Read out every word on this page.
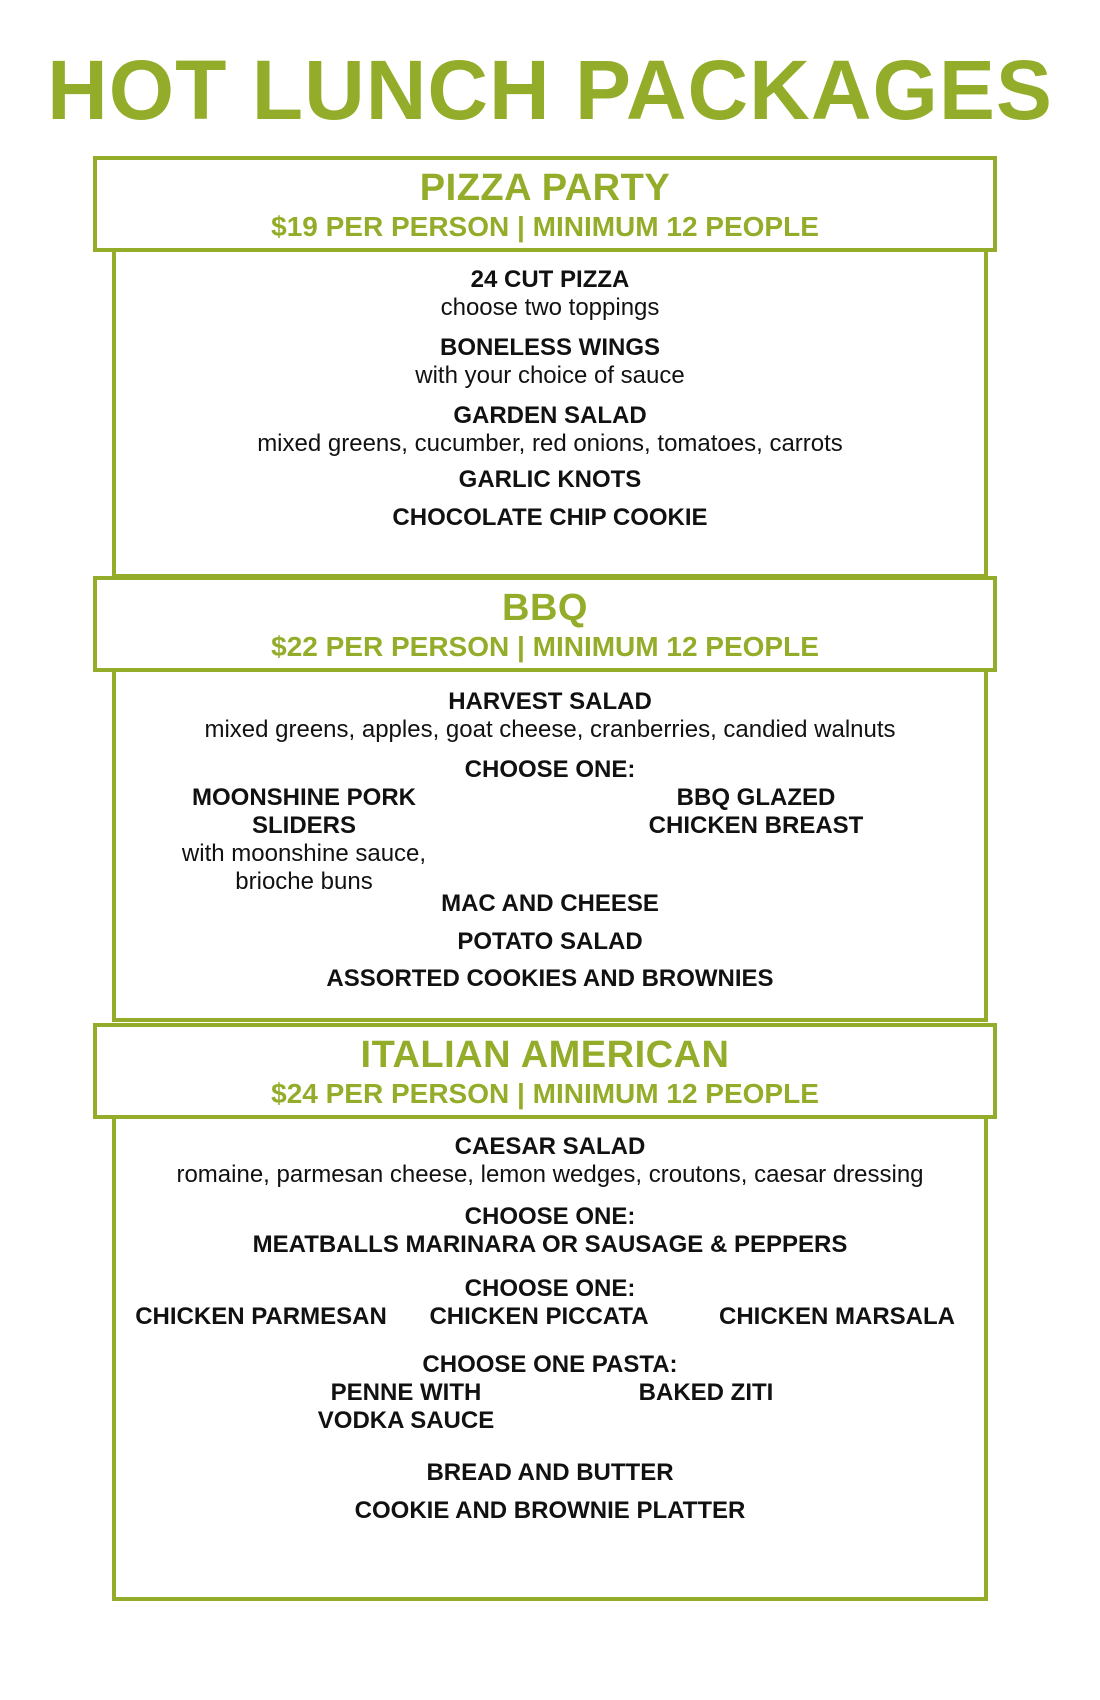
HOT LUNCH PACKAGES
PIZZA PARTY
$19 PER PERSON | MINIMUM 12 PEOPLE
24 CUT PIZZA
choose two toppings
BONELESS WINGS
with your choice of sauce
GARDEN SALAD
mixed greens, cucumber, red onions, tomatoes, carrots
GARLIC KNOTS
CHOCOLATE CHIP COOKIE
BBQ
$22 PER PERSON | MINIMUM 12 PEOPLE
HARVEST SALAD
mixed greens, apples, goat cheese, cranberries, candied walnuts
CHOOSE ONE:
MOONSHINE PORK SLIDERS
with moonshine sauce,
brioche buns
BBQ GLAZED
CHICKEN BREAST
MAC AND CHEESE
POTATO SALAD
ASSORTED COOKIES AND BROWNIES
ITALIAN AMERICAN
$24 PER PERSON | MINIMUM 12 PEOPLE
CAESAR SALAD
romaine, parmesan cheese, lemon wedges, croutons, caesar dressing
CHOOSE ONE:
MEATBALLS MARINARA OR SAUSAGE & PEPPERS
CHOOSE ONE:
CHICKEN PARMESAN	CHICKEN PICCATA	CHICKEN MARSALA
CHOOSE ONE PASTA:
PENNE WITH
VODKA SAUCE
BAKED ZITI
BREAD AND BUTTER
COOKIE AND BROWNIE PLATTER
